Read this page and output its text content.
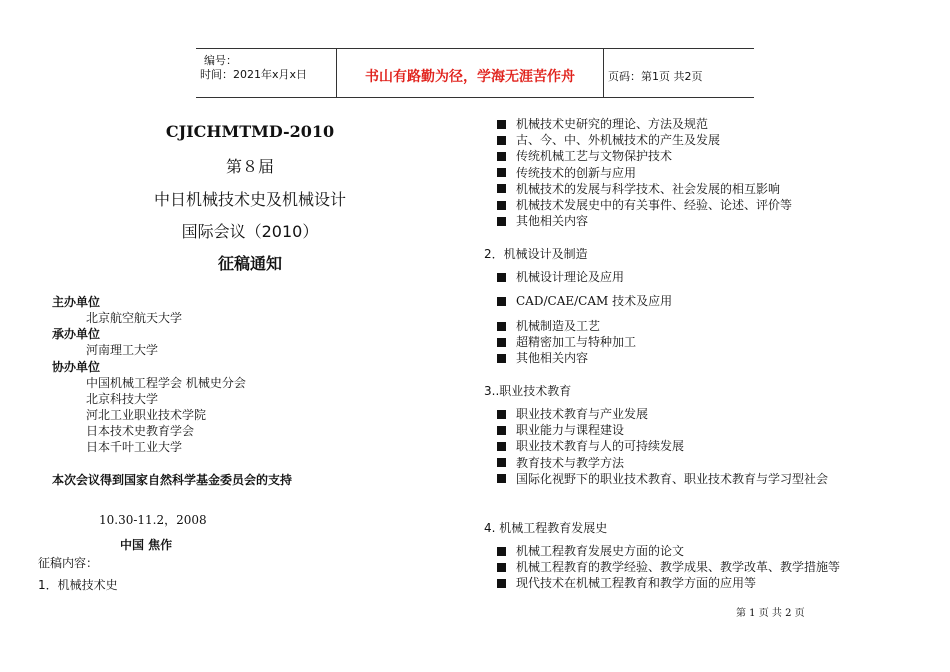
编号：
时间：2021年x月x日	书山有路勤为径，学海无涯苦作舟	页码：第1页 共2页
CJICHMTMD-2010
第８届
中日机械技术史及机械设计
国际会议（2010）
征稿通知
主办单位
北京航空航天大学
承办单位
河南理工大学
协办单位
中国机械工程学会 机械史分会
北京科技大学
河北工业职业技术学院
日本技术史教育学会
日本千叶工业大学
本次会议得到国家自然科学基金委员会的支持
10.30-11.2，2008
中国 焦作
征稿内容：
1．机械技术史
机械技术史研究的理论、方法及规范
古、今、中、外机械技术的产生及发展
传统机械工艺与文物保护技术
传统技术的创新与应用
机械技术的发展与科学技术、社会发展的相互影响
机械技术发展史中的有关事件、经验、论述、评价等
其他相关内容
2．机械设计及制造
机械设计理论及应用
CAD/CAE/CAM 技术及应用
机械制造及工艺
超精密加工与特种加工
其他相关内容
3..职业技术教育
职业技术教育与产业发展
职业能力与课程建设
职业技术教育与人的可持续发展
教育技术与教学方法
国际化视野下的职业技术教育、职业技术教育与学习型社会
4. 机械工程教育发展史
机械工程教育发展史方面的论文
机械工程教育的教学经验、教学成果、教学改革、教学措施等
现代技术在机械工程教育和教学方面的应用等
第 1 页 共 2 页
